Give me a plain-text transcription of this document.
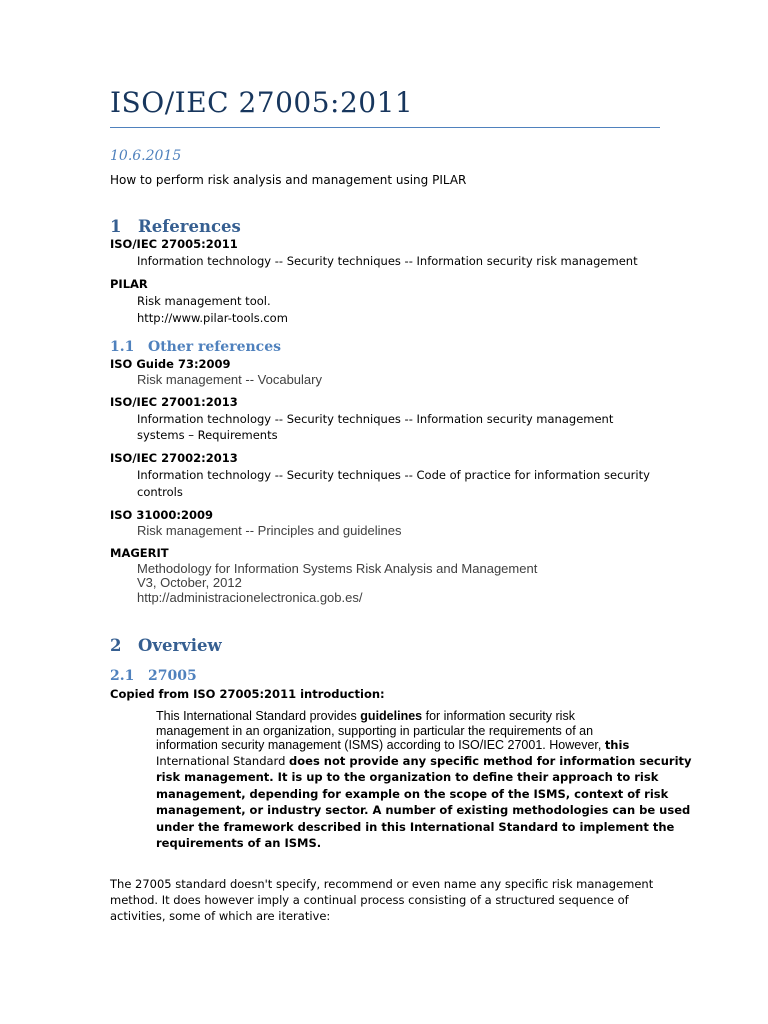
ISO/IEC 27005:2011
10.6.2015
How to perform risk analysis and management using PILAR
1 References
ISO/IEC 27005:2011
Information technology -- Security techniques -- Information security risk management
PILAR
Risk management tool.
http://www.pilar-tools.com
1.1 Other references
ISO Guide 73:2009
Risk management -- Vocabulary
ISO/IEC 27001:2013
Information technology -- Security techniques -- Information security management
systems – Requirements
ISO/IEC 27002:2013
Information technology -- Security techniques -- Code of practice for information security
controls
ISO 31000:2009
Risk management -- Principles and guidelines
MAGERIT
Methodology for Information Systems Risk Analysis and Management
V3, October, 2012
http://administracionelectronica.gob.es/
2 Overview
2.1 27005
Copied from ISO 27005:2011 introduction:
This International Standard provides guidelines for information security risk
management in an organization, supporting in particular the requirements of an
information security management (ISMS) according to ISO/IEC 27001. However, this
International Standard does not provide any specific method for information security
risk management. It is up to the organization to define their approach to risk
management, depending for example on the scope of the ISMS, context of risk
management, or industry sector. A number of existing methodologies can be used
under the framework described in this International Standard to implement the
requirements of an ISMS.
The 27005 standard doesn't specify, recommend or even name any specific risk management
method. It does however imply a continual process consisting of a structured sequence of
activities, some of which are iterative:
